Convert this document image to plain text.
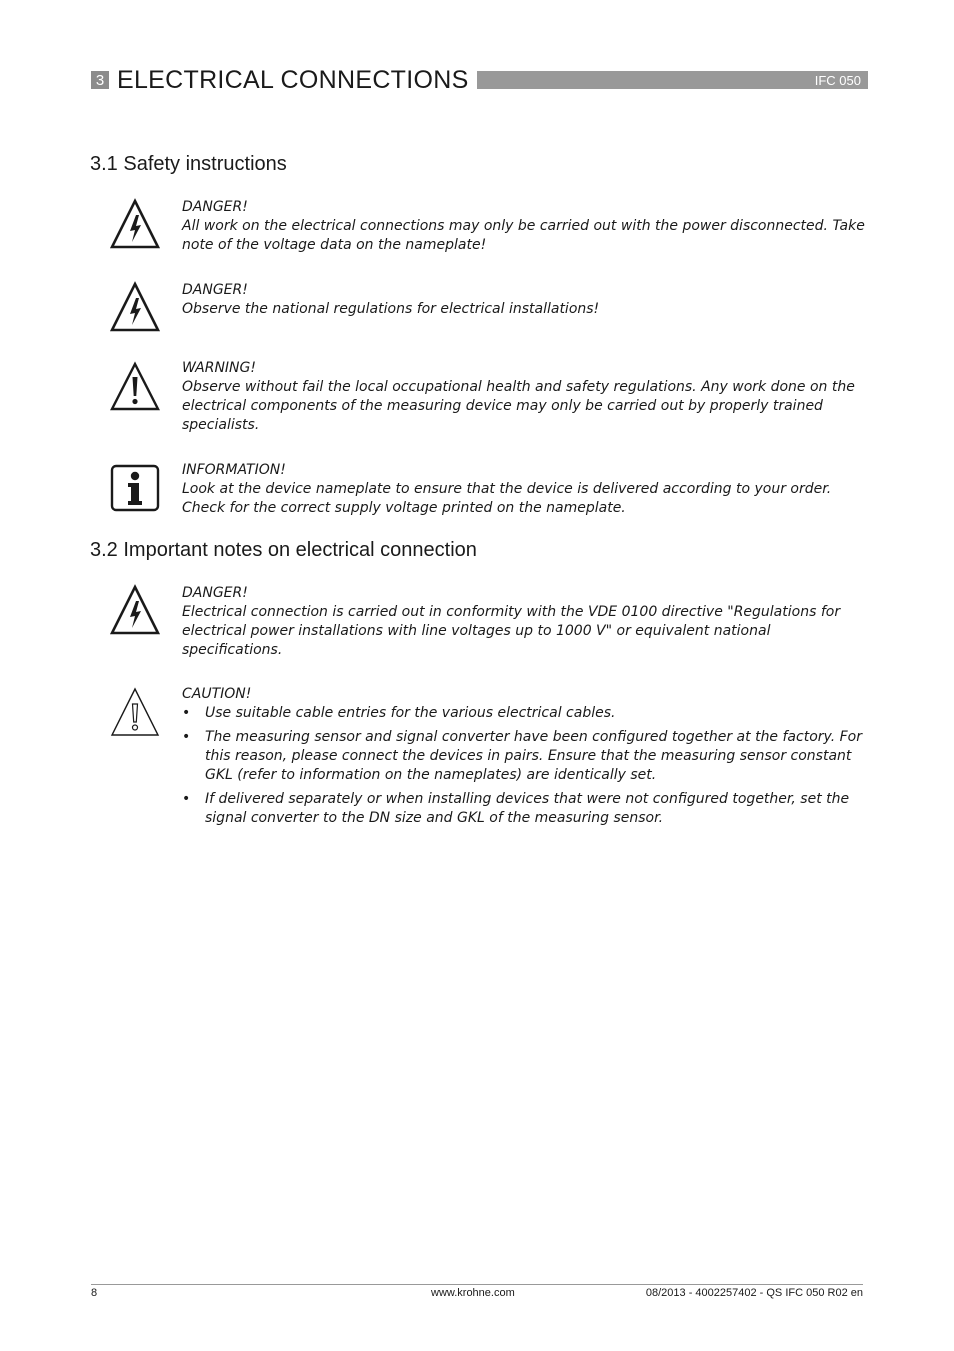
3 ELECTRICAL CONNECTIONS	IFC 050
3.1 Safety instructions
DANGER!
All work on the electrical connections may only be carried out with the power disconnected. Take note of the voltage data on the nameplate!
DANGER!
Observe the national regulations for electrical installations!
WARNING!
Observe without fail the local occupational health and safety regulations. Any work done on the electrical components of the measuring device may only be carried out by properly trained specialists.
INFORMATION!
Look at the device nameplate to ensure that the device is delivered according to your order. Check for the correct supply voltage printed on the nameplate.
3.2 Important notes on electrical connection
DANGER!
Electrical connection is carried out in conformity with the VDE 0100 directive "Regulations for electrical power installations with line voltages up to 1000 V" or equivalent national specifications.
CAUTION!
• Use suitable cable entries for the various electrical cables.
• The measuring sensor and signal converter have been configured together at the factory. For this reason, please connect the devices in pairs. Ensure that the measuring sensor constant GKL (refer to information on the nameplates) are identically set.
• If delivered separately or when installing devices that were not configured together, set the signal converter to the DN size and GKL of the measuring sensor.
8	www.krohne.com	08/2013 - 4002257402 - QS IFC 050 R02 en
